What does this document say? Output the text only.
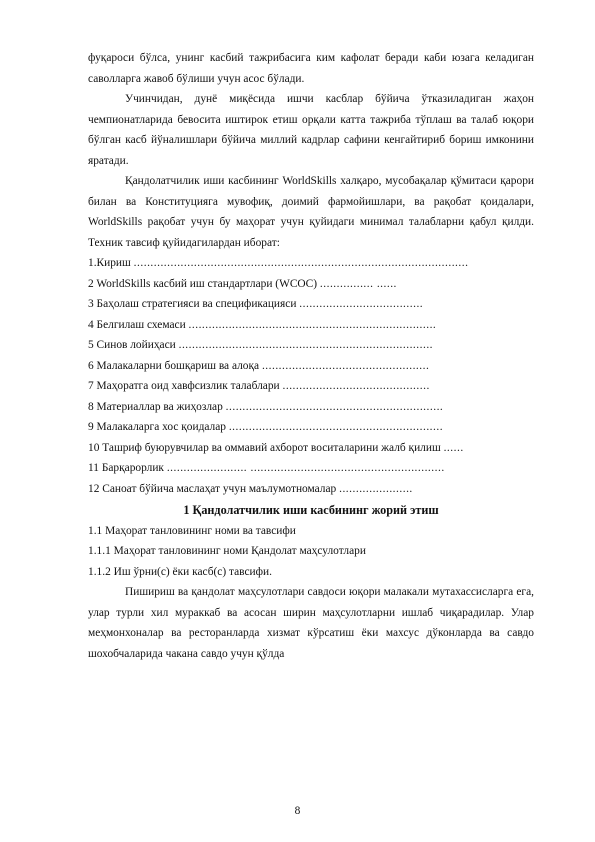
фуқароси бўлса, унинг касбий тажрибасига ким кафолат беради каби юзага келадиган саволларга жавоб бўлиши учун асос бўлади.

Учинчидан, дунё миқёсида ишчи касблар бўйича ўтказиладиган жаҳон чемпионатларида бевосита иштирок етиш орқали катта тажриба тўплаш ва талаб юқори бўлган касб йўналишлари бўйича миллий кадрлар сафини кенгайтириб бориш имконини яратади.

Қандолатчилик иши касбининг WorldSkills халқаро, мусобақалар қўмитаси қарори билан ва Конституцияга мувофиқ, доимий фармойишлари, ва рақобат қоидалари, WorldSkills рақобат учун бу маҳорат учун қуйидаги минимал талабларни қабул қилди. Техник тавсиф қуйидагилардан иборат:

1.Кириш ....................................................................................................

2 WorldSkills касбий иш стандартлари (WCOC) ................ ......

3 Баҳолаш стратегияси ва спецификацияси .....................................

4 Белгилаш схемаси ..........................................................................

5 Синов лойиҳаси ............................................................................

6 Малакаларни бошқариш ва алоқа ..................................................

7 Маҳоратга оид хавфсизлик талаблари ............................................

8 Материаллар ва жиҳозлар .................................................................

9 Малакаларга хос қоидалар ................................................................

10 Ташриф буюрувчилар ва оммавий ахборот воситаларини жалб қилиш ......

11 Барқарорлик ........................ ..........................................................

12 Саноат бўйича маслаҳат учун маълумотномалар ......................

1 Қандолатчилик иши касбининг жорий этиш

1.1 Маҳорат танловининг номи ва тавсифи

1.1.1 Маҳорат танловининг номи Қандолат маҳсулотлари

1.1.2 Иш ўрни(с) ёки касб(с) тавсифи.

Пишириш ва қандолат маҳсулотлари савдоси юқори малакали мутахассисларга ега, улар турли хил мураккаб ва асосан ширин маҳсулотларни ишлаб чиқарадилар. Улар меҳмонхоналар ва ресторанларда хизмат кўрсатиш ёки махсус дўконларда ва савдо шохобчаларида чакана савдо учун қўлда

8
